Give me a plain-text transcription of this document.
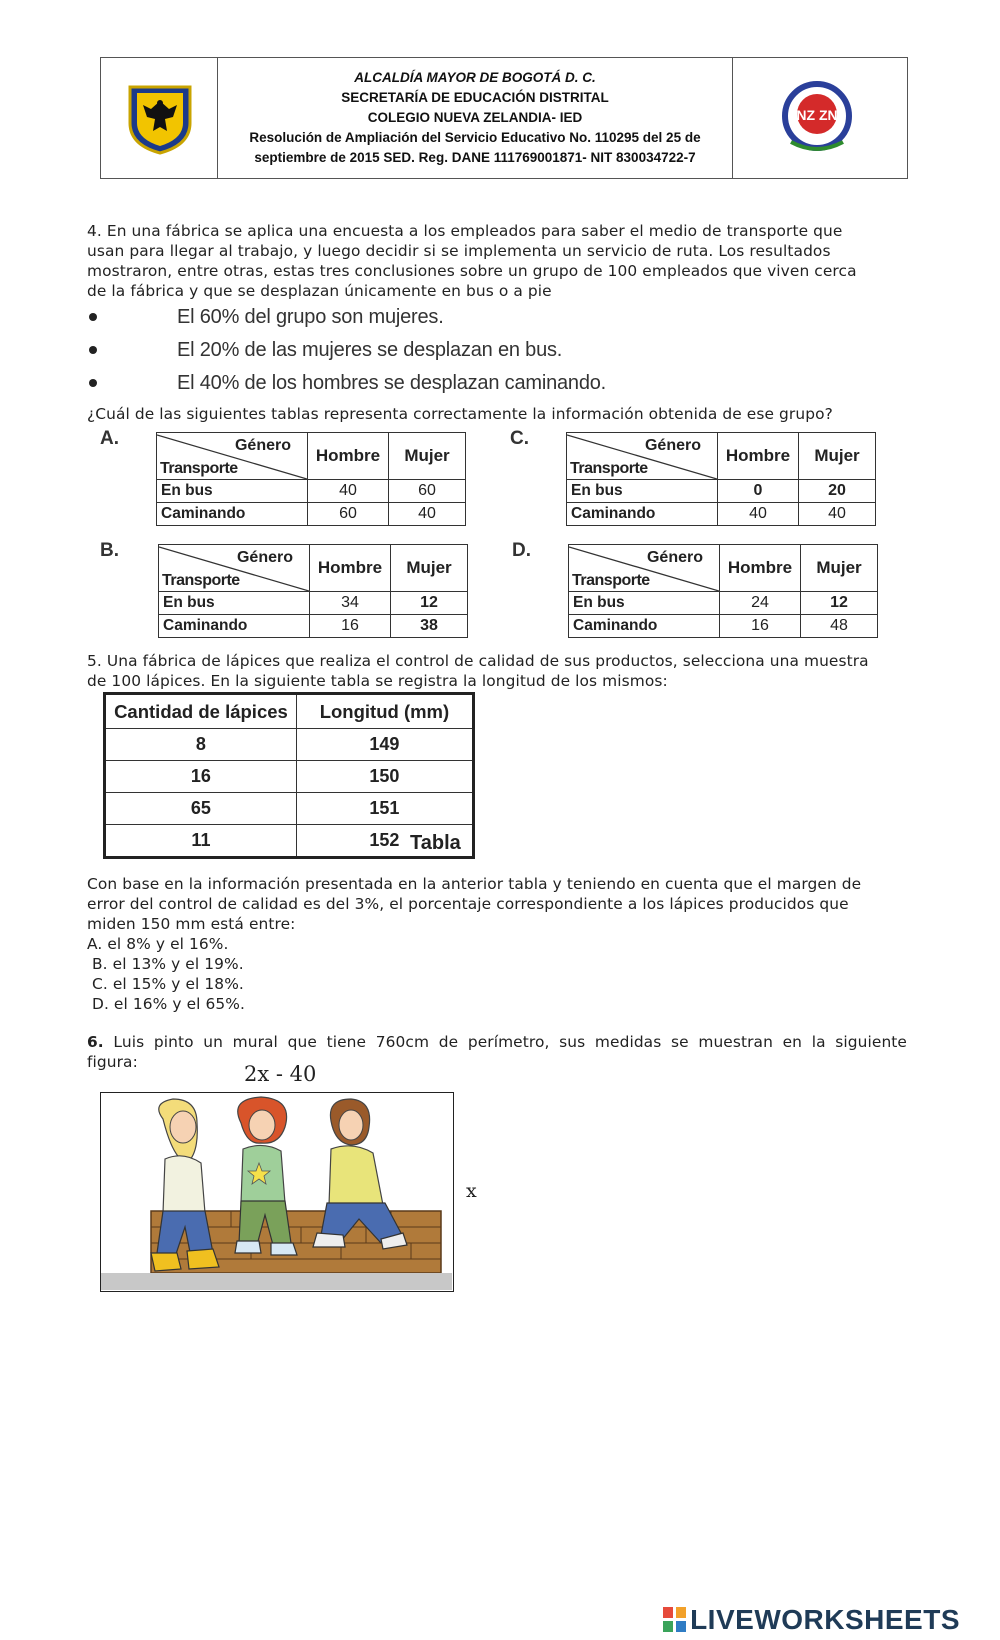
ALCALDÍA MAYOR DE BOGOTÁ D. C.
SECRETARÍA DE EDUCACIÓN DISTRITAL
COLEGIO NUEVA ZELANDIA- IED
Resolución de Ampliación del Servicio Educativo No. 110295 del 25 de
septiembre de 2015 SED. Reg. DANE 111769001871- NIT 830034722-7
NZ ZN
4. En una fábrica se aplica una encuesta a los empleados para saber el medio de transporte que
usan para llegar al trabajo, y luego decidir si se implementa un servicio de ruta. Los resultados
mostraron, entre otras, estas tres conclusiones sobre un grupo de 100 empleados que viven cerca
de la fábrica y que se desplazan únicamente en bus o a pie
El 60% del grupo son mujeres.
El 20% de las mujeres se desplazan en bus.
El 40% de los hombres se desplazan caminando.
¿Cuál de las siguientes tablas representa correctamente la información obtenida de ese grupo?
A.	Género
Transporte	Hombre	Mujer
En bus	40	60
Caminando	60	40
C.	Género
Transporte	Hombre	Mujer
En bus	0	20
Caminando	40	40
B.	Género
Transporte	Hombre	Mujer
En bus	34	12
Caminando	16	38
D.	Género
Transporte	Hombre	Mujer
En bus	24	12
Caminando	16	48
5. Una fábrica de lápices que realiza el control de calidad de sus productos, selecciona una muestra
de 100 lápices. En la siguiente tabla se registra la longitud de los mismos:
Cantidad de lápices	Longitud (mm)
8	149
16	150
65	151
11	152 Tabla
Con base en la información presentada en la anterior tabla y teniendo en cuenta que el margen de
error del control de calidad es del 3%, el porcentaje correspondiente a los lápices producidos que
miden 150 mm está entre:
A. el 8% y el 16%.
B. el 13% y el 19%.
C. el 15% y el 18%.
D. el 16% y el 65%.
6. Luis pinto un mural que tiene 760cm de perímetro, sus medidas se muestran en la siguiente
figura:	2x - 40
x
LIVEWORKSHEETS
